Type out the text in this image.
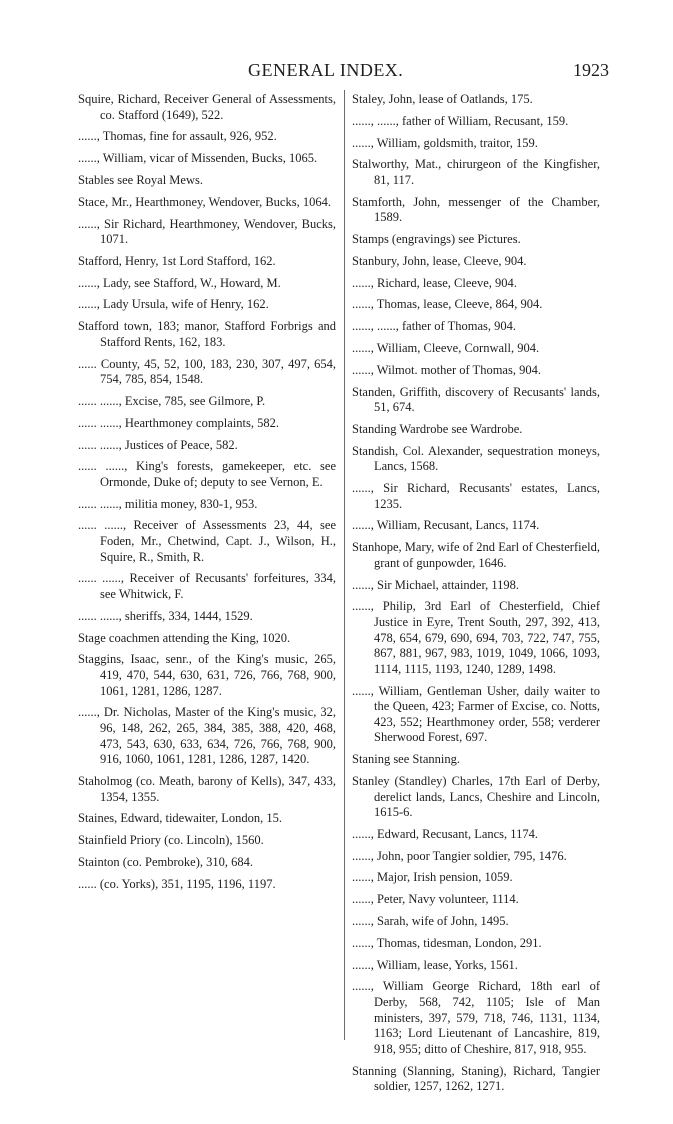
GENERAL INDEX.	1923

Squire, Richard, Receiver General of Assessments, co. Stafford (1649), 522.

......, Thomas, fine for assault, 926, 952.

......, William, vicar of Missenden, Bucks, 1065.

Stables see Royal Mews.

Stace, Mr., Hearthmoney, Wendover, Bucks, 1064.

......, Sir Richard, Hearthmoney, Wendover, Bucks, 1071.

Stafford, Henry, 1st Lord Stafford, 162.

......, Lady, see Stafford, W., Howard, M.

......, Lady Ursula, wife of Henry, 162.

Stafford town, 183; manor, Stafford Forbrigs and Stafford Rents, 162, 183.

...... County, 45, 52, 100, 183, 230, 307, 497, 654, 754, 785, 854, 1548.

...... ......, Excise, 785, see Gilmore, P.

...... ......, Hearthmoney complaints, 582.

...... ......, Justices of Peace, 582.

...... ......, King's forests, gamekeeper, etc. see Ormonde, Duke of; deputy to see Vernon, E.

...... ......, militia money, 830-1, 953.

...... ......, Receiver of Assessments 23, 44, see Foden, Mr., Chetwind, Capt. J., Wilson, H., Squire, R., Smith, R.

...... ......, Receiver of Recusants' forfeitures, 334, see Whitwick, F.

...... ......, sheriffs, 334, 1444, 1529.

Stage coachmen attending the King, 1020.

Staggins, Isaac, senr., of the King's music, 265, 419, 470, 544, 630, 631, 726, 766, 768, 900, 1061, 1281, 1286, 1287.

......, Dr. Nicholas, Master of the King's music, 32, 96, 148, 262, 265, 384, 385, 388, 420, 468, 473, 543, 630, 633, 634, 726, 766, 768, 900, 916, 1060, 1061, 1281, 1286, 1287, 1420.

Staholmog (co. Meath, barony of Kells), 347, 433, 1354, 1355.

Staines, Edward, tidewaiter, London, 15.

Stainfield Priory (co. Lincoln), 1560.

Stainton (co. Pembroke), 310, 684.

...... (co. Yorks), 351, 1195, 1196, 1197.

Staley, John, lease of Oatlands, 175.

......, ......, father of William, Recusant, 159.

......, William, goldsmith, traitor, 159.

Stalworthy, Mat., chirurgeon of the Kingfisher, 81, 117.

Stamforth, John, messenger of the Chamber, 1589.

Stamps (engravings) see Pictures.

Stanbury, John, lease, Cleeve, 904.

......, Richard, lease, Cleeve, 904.

......, Thomas, lease, Cleeve, 864, 904.

......, ......, father of Thomas, 904.

......, William, Cleeve, Cornwall, 904.

......, Wilmot. mother of Thomas, 904.

Standen, Griffith, discovery of Recusants' lands, 51, 674.

Standing Wardrobe see Wardrobe.

Standish, Col. Alexander, sequestration moneys, Lancs, 1568.

......, Sir Richard, Recusants' estates, Lancs, 1235.

......, William, Recusant, Lancs, 1174.

Stanhope, Mary, wife of 2nd Earl of Chesterfield, grant of gunpowder, 1646.

......, Sir Michael, attainder, 1198.

......, Philip, 3rd Earl of Chesterfield, Chief Justice in Eyre, Trent South, 297, 392, 413, 478, 654, 679, 690, 694, 703, 722, 747, 755, 867, 881, 967, 983, 1019, 1049, 1066, 1093, 1114, 1115, 1193, 1240, 1289, 1498.

......, William, Gentleman Usher, daily waiter to the Queen, 423; Farmer of Excise, co. Notts, 423, 552; Hearthmoney order, 558; verderer Sherwood Forest, 697.

Staning see Stanning.

Stanley (Standley) Charles, 17th Earl of Derby, derelict lands, Lancs, Cheshire and Lincoln, 1615-6.

......, Edward, Recusant, Lancs, 1174.

......, John, poor Tangier soldier, 795, 1476.

......, Major, Irish pension, 1059.

......, Peter, Navy volunteer, 1114.

......, Sarah, wife of John, 1495.

......, Thomas, tidesman, London, 291.

......, William, lease, Yorks, 1561.

......, William George Richard, 18th earl of Derby, 568, 742, 1105; Isle of Man ministers, 397, 579, 718, 746, 1131, 1134, 1163; Lord Lieutenant of Lancashire, 819, 918, 955; ditto of Cheshire, 817, 918, 955.

Stanning (Slanning, Staning), Richard, Tangier soldier, 1257, 1262, 1271.
